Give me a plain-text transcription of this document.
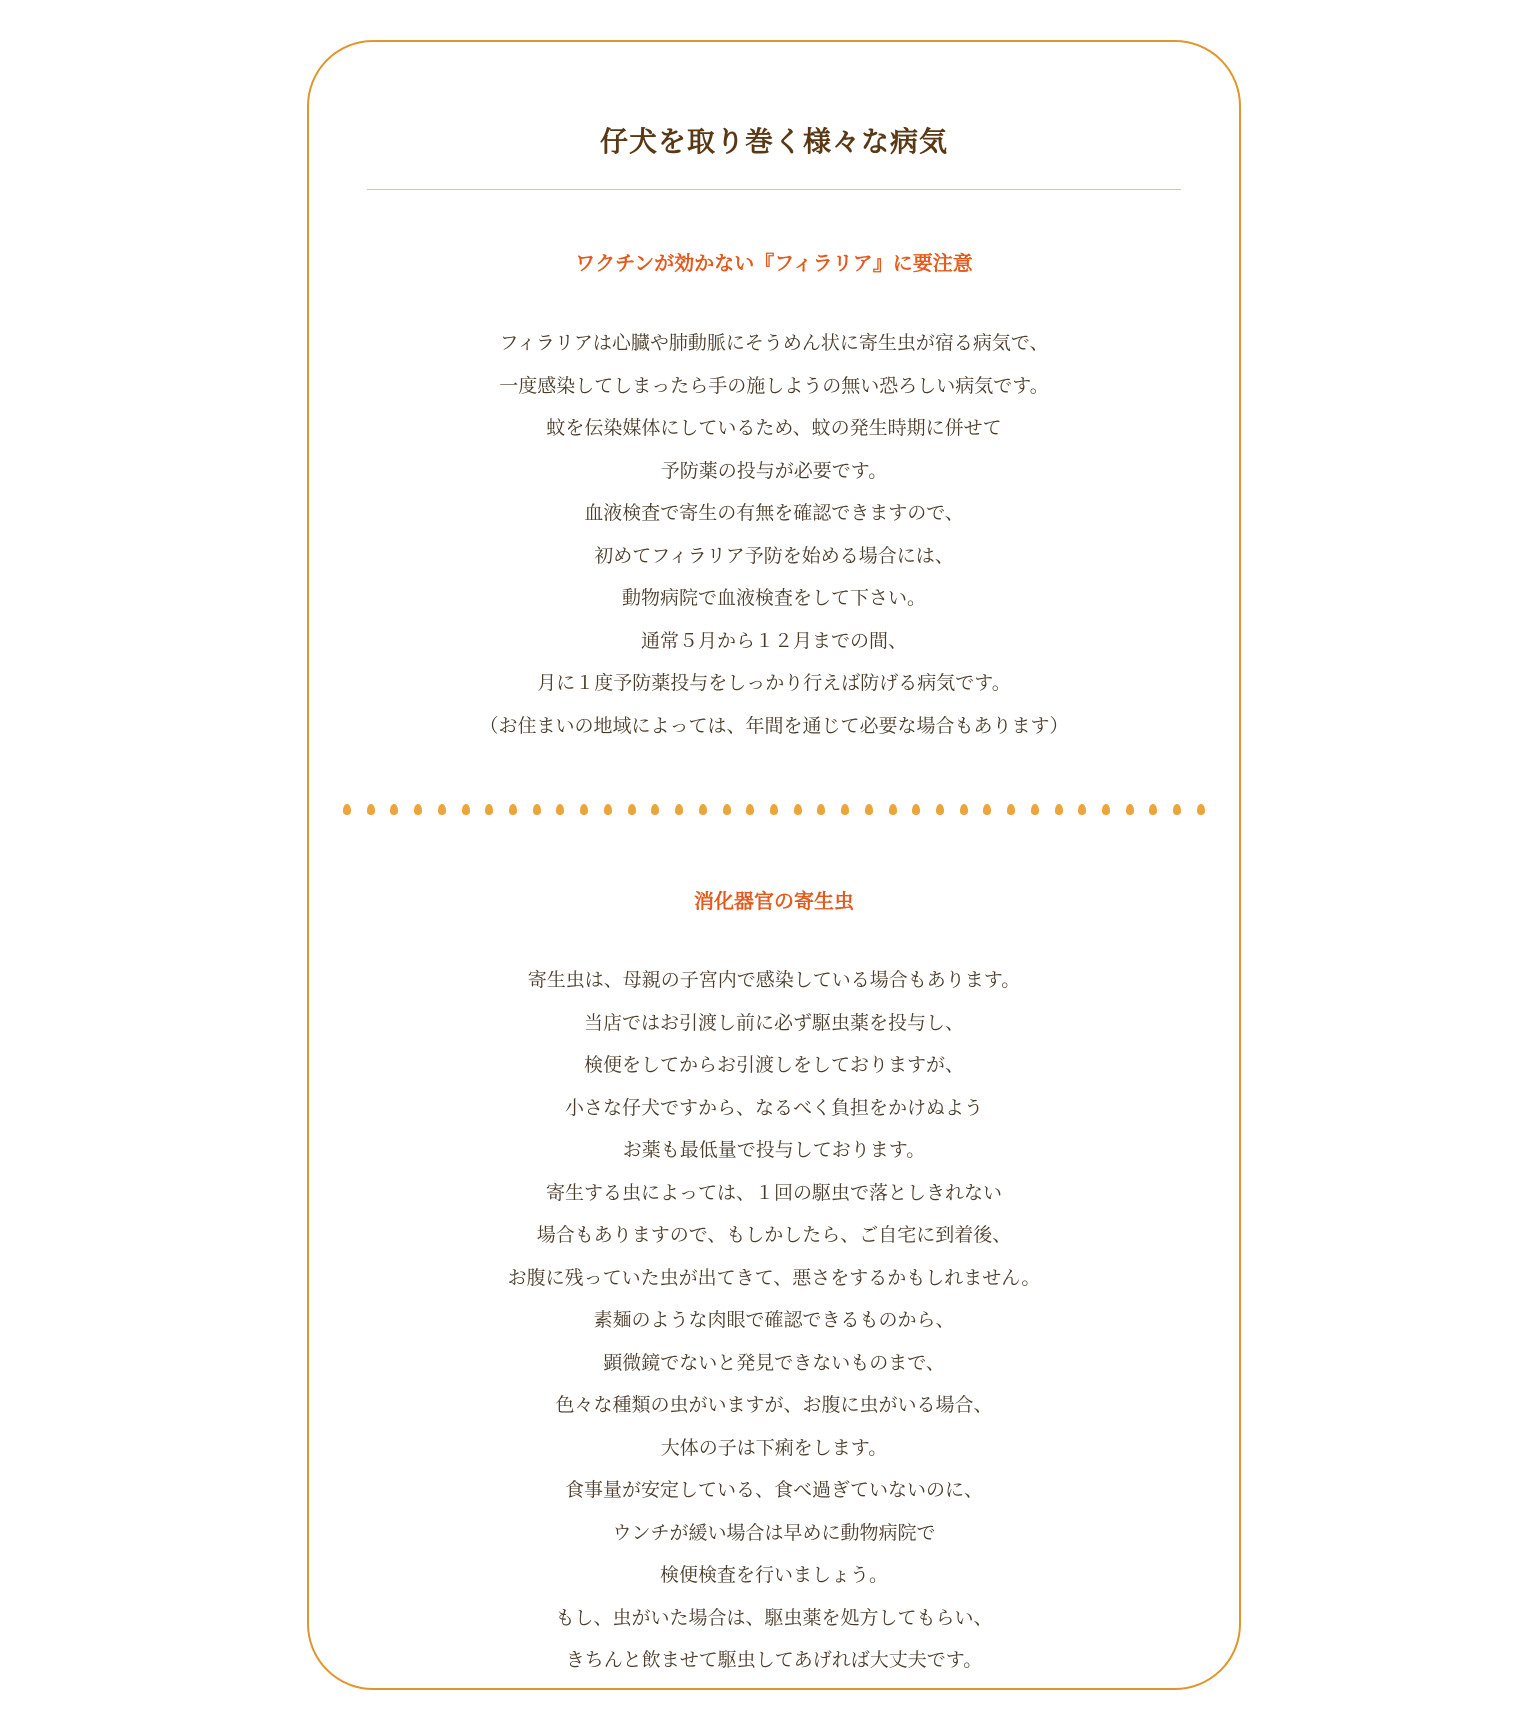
仔犬を取り巻く様々な病気
ワクチンが効かない『フィラリア』に要注意

フィラリアは心臓や肺動脈にそうめん状に寄生虫が宿る病気で、

一度感染してしまったら手の施しようの無い恐ろしい病気です。

蚊を伝染媒体にしているため、蚊の発生時期に併せて

予防薬の投与が必要です。

血液検査で寄生の有無を確認できますので、

初めてフィラリア予防を始める場合には、

動物病院で血液検査をして下さい。

通常５月から１２月までの間、

月に１度予防薬投与をしっかり行えば防げる病気です。

（お住まいの地域によっては、年間を通じて必要な場合もあります）

消化器官の寄生虫

寄生虫は、母親の子宮内で感染している場合もあります。

当店ではお引渡し前に必ず駆虫薬を投与し、

検便をしてからお引渡しをしておりますが、

小さな仔犬ですから、なるべく負担をかけぬよう

お薬も最低量で投与しております。

寄生する虫によっては、１回の駆虫で落としきれない

場合もありますので、もしかしたら、ご自宅に到着後、

お腹に残っていた虫が出てきて、悪さをするかもしれません。

素麺のような肉眼で確認できるものから、

顕微鏡でないと発見できないものまで、

色々な種類の虫がいますが、お腹に虫がいる場合、

大体の子は下痢をします。

食事量が安定している、食べ過ぎていないのに、

ウンチが緩い場合は早めに動物病院で

検便検査を行いましょう。

もし、虫がいた場合は、駆虫薬を処方してもらい、

きちんと飲ませて駆虫してあげれば大丈夫です。
